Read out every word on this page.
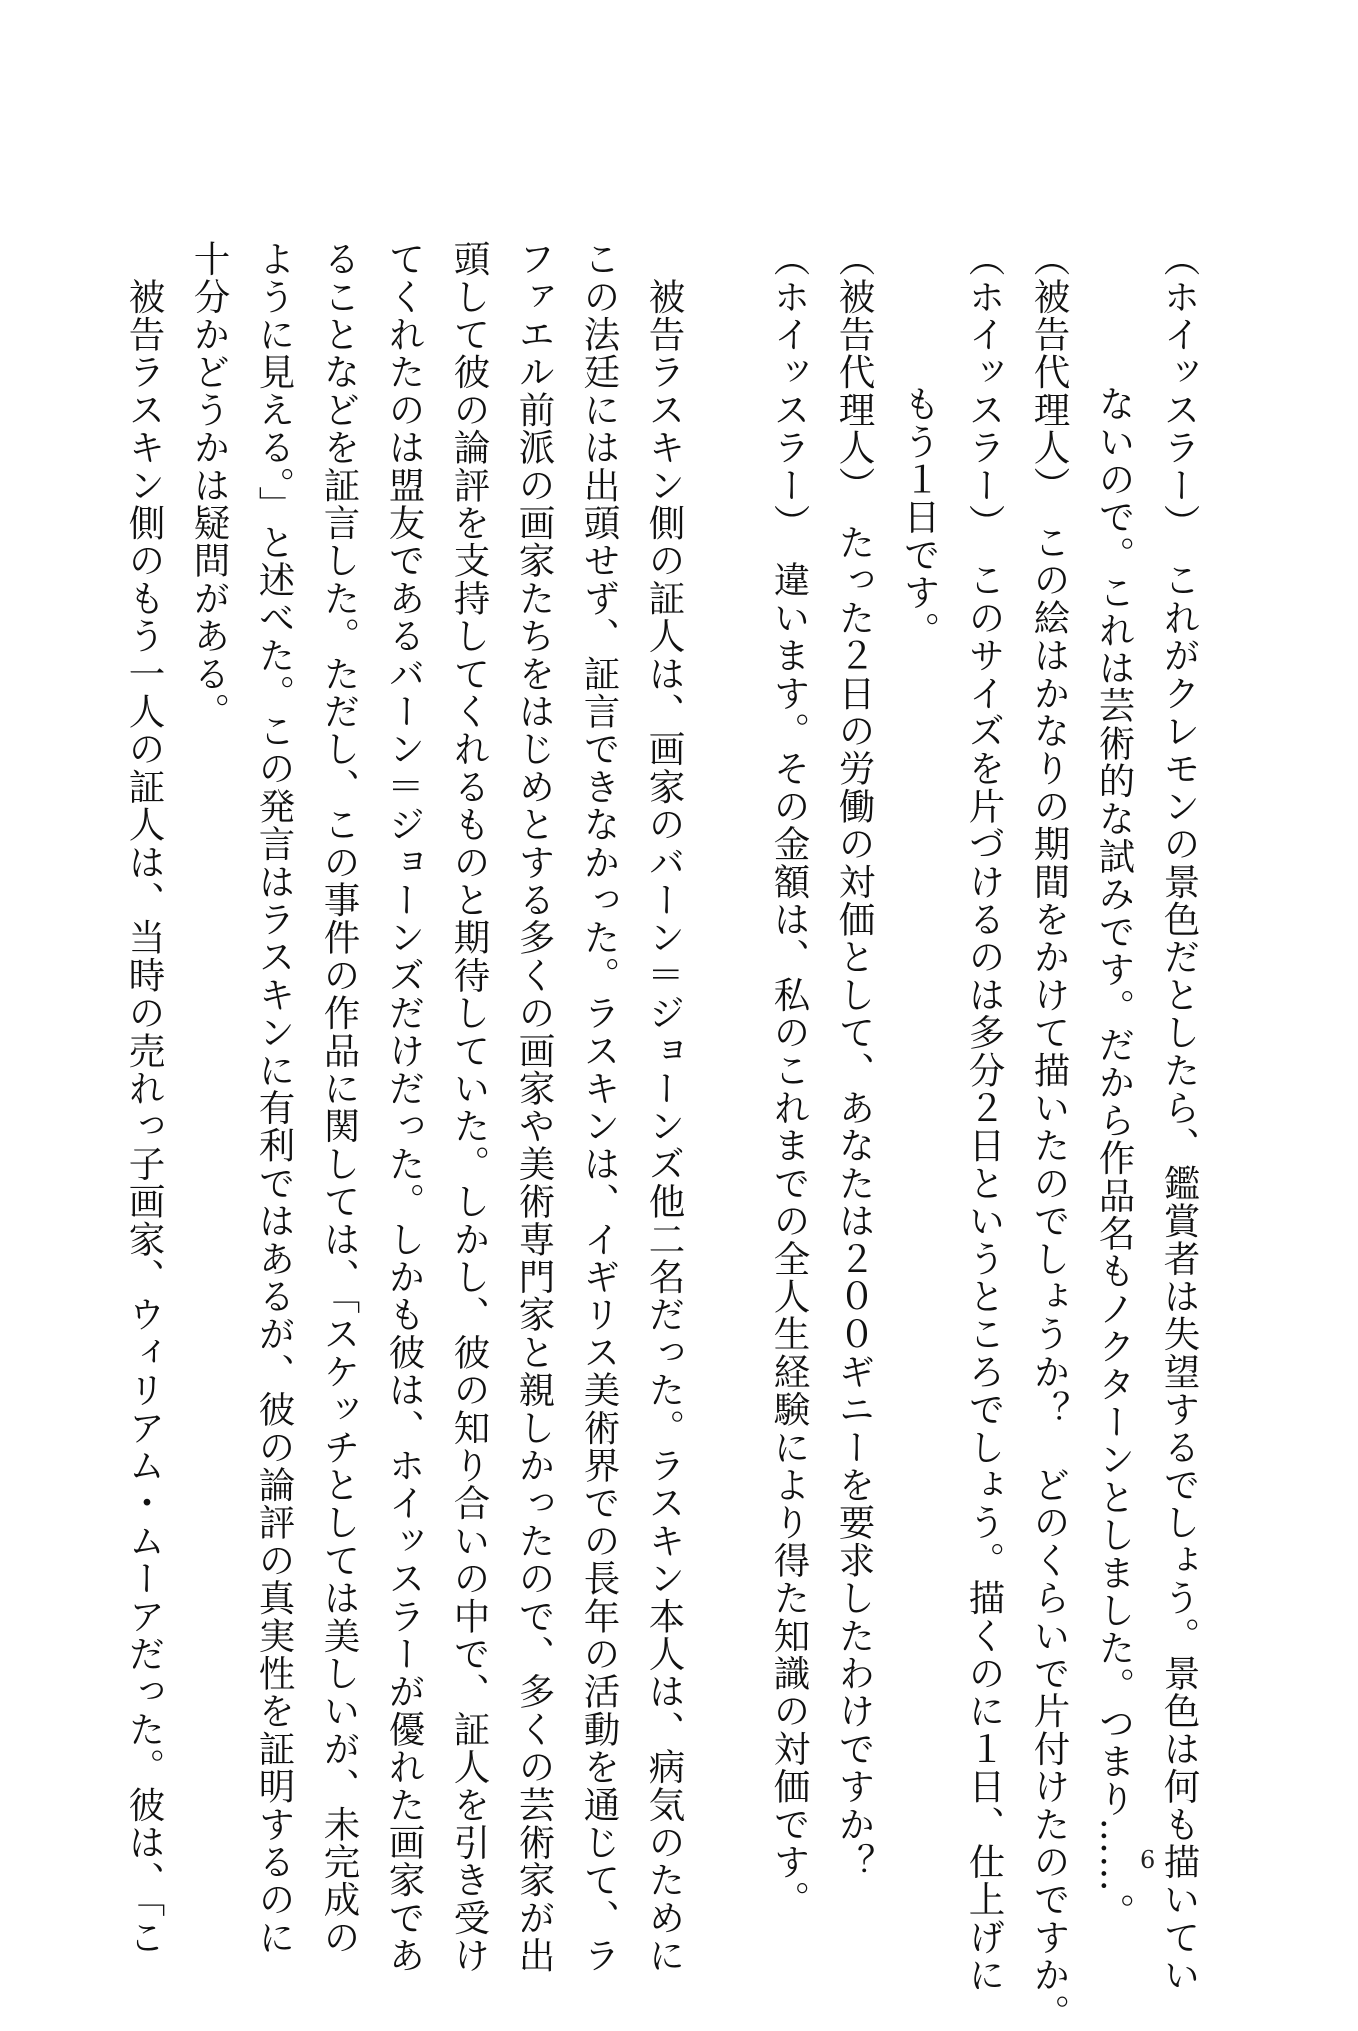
（ホイッスラー）　これがクレモンの景色だとしたら、鑑賞者は失望するでしょう。景色は何も描いてい
ないので。これは芸術的な試みです。だから作品名もノクターンとしました。つまり……。
（被告代理人）　この絵はかなりの期間をかけて描いたのでしょうか？　どのくらいで片付けたのですか。
（ホイッスラー）　このサイズを片づけるのは多分２日というところでしょう。描くのに１日、仕上げに
もう１日です。
（被告代理人）　たった２日の労働の対価として、あなたは２００ギニーを要求したわけですか？
（ホイッスラー）　違います。その金額は、私のこれまでの全人生経験により得た知識の対価です。
　被告ラスキン側の証人は、画家のバーン＝ジョーンズ他二名だった。ラスキン本人は、病気のために
この法廷には出頭せず、証言できなかった。ラスキンは、イギリス美術界での長年の活動を通じて、ラ
ファエル前派の画家たちをはじめとする多くの画家や美術専門家と親しかったので、多くの芸術家が出
頭して彼の論評を支持してくれるものと期待していた。しかし、彼の知り合いの中で、証人を引き受け
てくれたのは盟友であるバーン＝ジョーンズだけだった。しかも彼は、ホイッスラーが優れた画家であ
ることなどを証言した。ただし、この事件の作品に関しては、「スケッチとしては美しいが、未完成の
ように見える。」と述べた。この発言はラスキンに有利ではあるが、彼の論評の真実性を証明するのに
十分かどうかは疑問がある。
　被告ラスキン側のもう一人の証人は、当時の売れっ子画家、ウィリアム・ムーアだった。彼は、「こ	6
